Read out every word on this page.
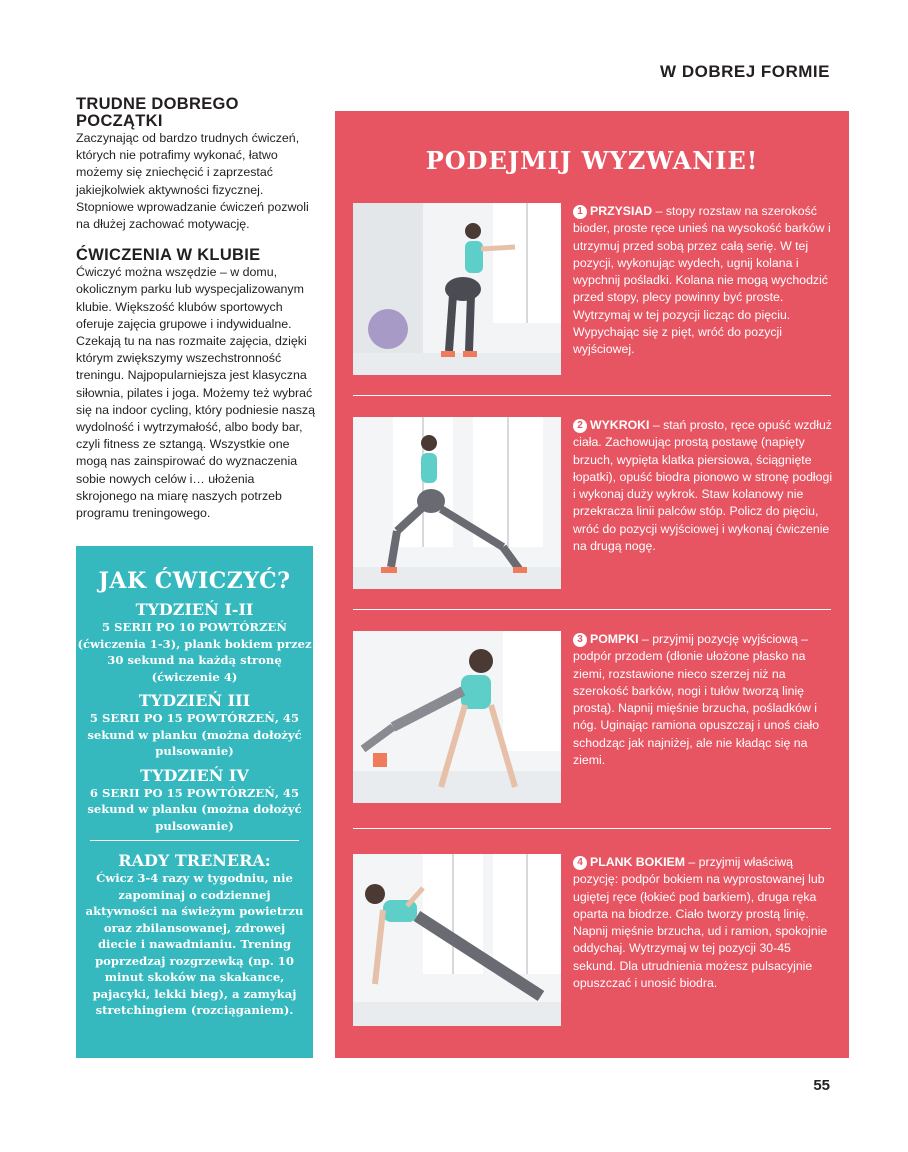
W DOBREJ FORMIE
TRUDNE DOBREGO POCZĄTKI

Zaczynając od bardzo trudnych ćwiczeń, których nie potrafimy wykonać, łatwo możemy się zniechęcić i zaprzestać jakiejkolwiek aktywności fizycznej. Stopniowe wprowadzanie ćwiczeń pozwoli na dłużej zachować motywację.

ĆWICZENIA W KLUBIE

Ćwiczyć można wszędzie – w domu, okolicznym parku lub wyspecjalizowanym klubie. Większość klubów sportowych oferuje zajęcia grupowe i indywidualne. Czekają tu na nas rozmaite zajęcia, dzięki którym zwiększymy wszechstronność treningu. Najpopularniejsza jest klasyczna siłownia, pilates i joga. Możemy też wybrać się na indoor cycling, który podniesie naszą wydolność i wytrzymałość, albo body bar, czyli fitness ze sztangą. Wszystkie one mogą nas zainspirować do wyznaczenia sobie nowych celów i… ułożenia skrojonego na miarę naszych potrzeb programu treningowego.

JAK ĆWICZYĆ?
TYDZIEŃ I-II

5 SERII PO 10 POWTÓRZEŃ (ćwiczenia 1-3), plank bokiem przez 30 sekund na każdą stronę (ćwiczenie 4)

TYDZIEŃ III

5 SERII PO 15 POWTÓRZEŃ, 45 sekund w planku (można dołożyć pulsowanie)

TYDZIEŃ IV

6 SERII PO 15 POWTÓRZEŃ, 45 sekund w planku (można dołożyć pulsowanie)

RADY TRENERA:

Ćwicz 3-4 razy w tygodniu, nie zapominaj o codziennej aktywności na świeżym powietrzu oraz zbilansowanej, zdrowej diecie i nawadnianiu. Trening poprzedzaj rozgrzewką (np. 10 minut skoków na skakance, pajacyki, lekki bieg), a zamykaj stretchingiem (rozciąganiem).

PODEJMIJ WYZWANIE!
1 PRZYSIAD – stopy rozstaw na szerokość bioder, proste ręce unieś na wysokość barków i utrzymuj przed sobą przez całą serię. W tej pozycji, wykonując wydech, ugnij kolana i wypchnij pośladki. Kolana nie mogą wychodzić przed stopy, plecy powinny być proste. Wytrzymaj w tej pozycji licząc do pięciu. Wypychając się z pięt, wróć do pozycji wyjściowej.
2 WYKROKI – stań prosto, ręce opuść wzdłuż ciała. Zachowując prostą postawę (napięty brzuch, wypięta klatka piersiowa, ściągnięte łopatki), opuść biodra pionowo w stronę podłogi i wykonaj duży wykrok. Staw kolanowy nie przekracza linii palców stóp. Policz do pięciu, wróć do pozycji wyjściowej i wykonaj ćwiczenie na drugą nogę.
3 POMPKI – przyjmij pozycję wyjściową – podpór przodem (dłonie ułożone płasko na ziemi, rozstawione nieco szerzej niż na szerokość barków, nogi i tułów tworzą linię prostą). Napnij mięśnie brzucha, pośladków i nóg. Uginając ramiona opuszczaj i unoś ciało schodząc jak najniżej, ale nie kładąc się na ziemi.
4 PLANK BOKIEM – przyjmij właściwą pozycję: podpór bokiem na wyprostowanej lub ugiętej ręce (łokieć pod barkiem), druga ręka oparta na biodrze. Ciało tworzy prostą linię. Napnij mięśnie brzucha, ud i ramion, spokojnie oddychaj. Wytrzymaj w tej pozycji 30-45 sekund. Dla utrudnienia możesz pulsacyjnie opuszczać i unosić biodra.
55
